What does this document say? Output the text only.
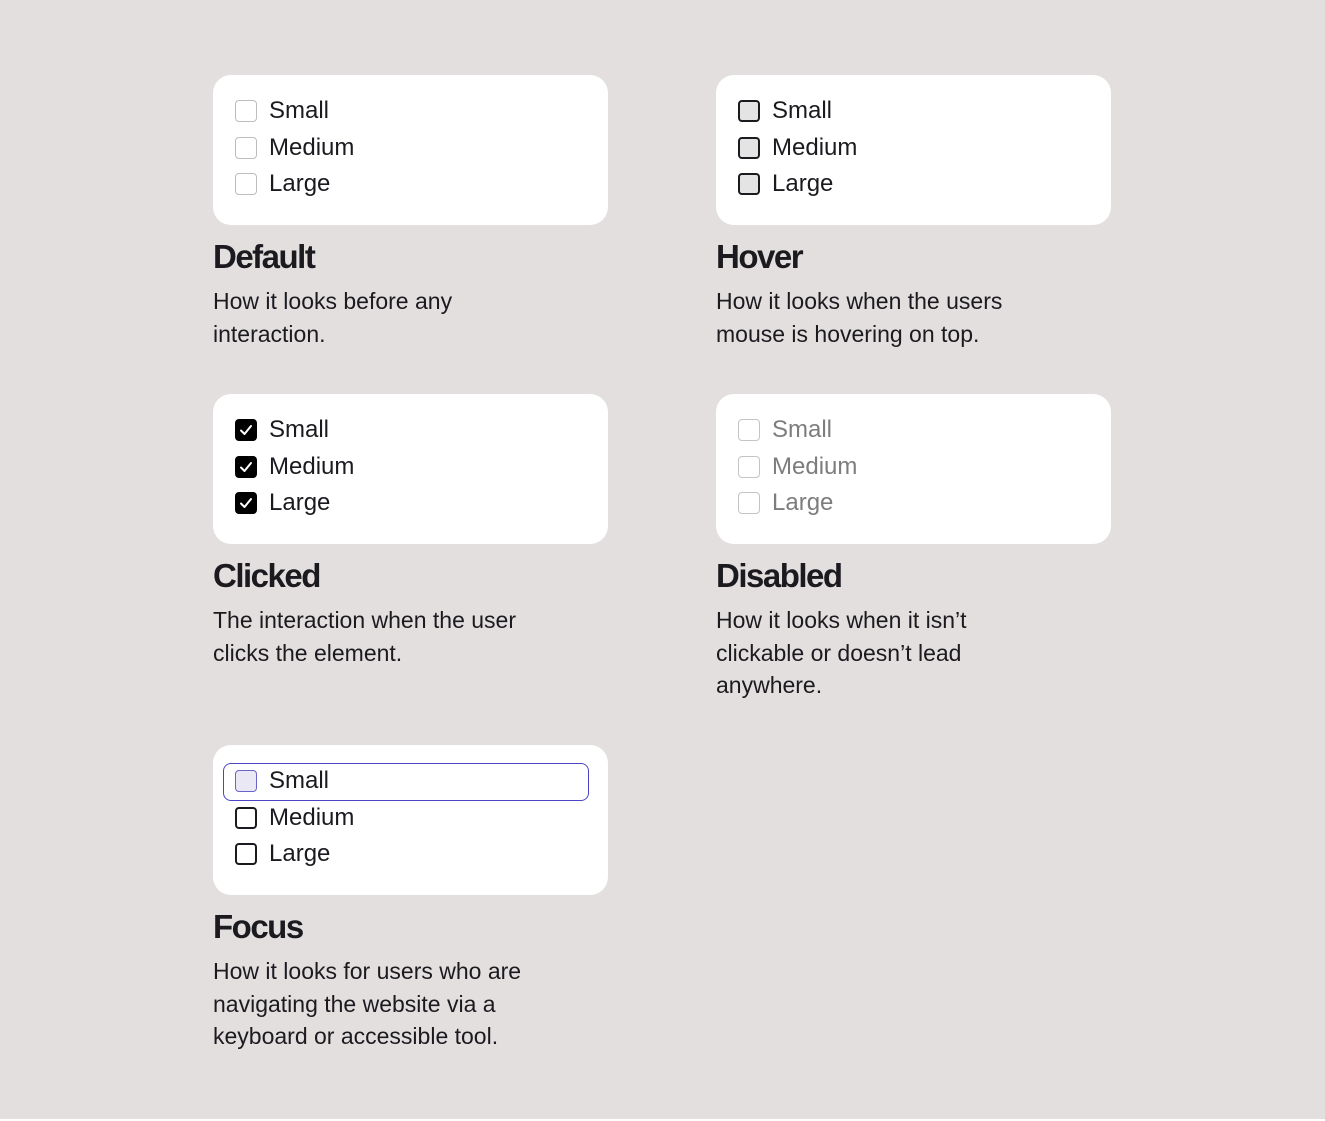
Small
Medium
Large
Default
How it looks before any interaction.
Small
Medium
Large
Hover
How it looks when the users mouse is hovering on top.
Small
Medium
Large
Clicked
The interaction when the user clicks the element.
Small
Medium
Large
Disabled
How it looks when it isn’t clickable or doesn’t lead anywhere.
Small
Medium
Large
Focus
How it looks for users who are navigating the website via a keyboard or accessible tool.
